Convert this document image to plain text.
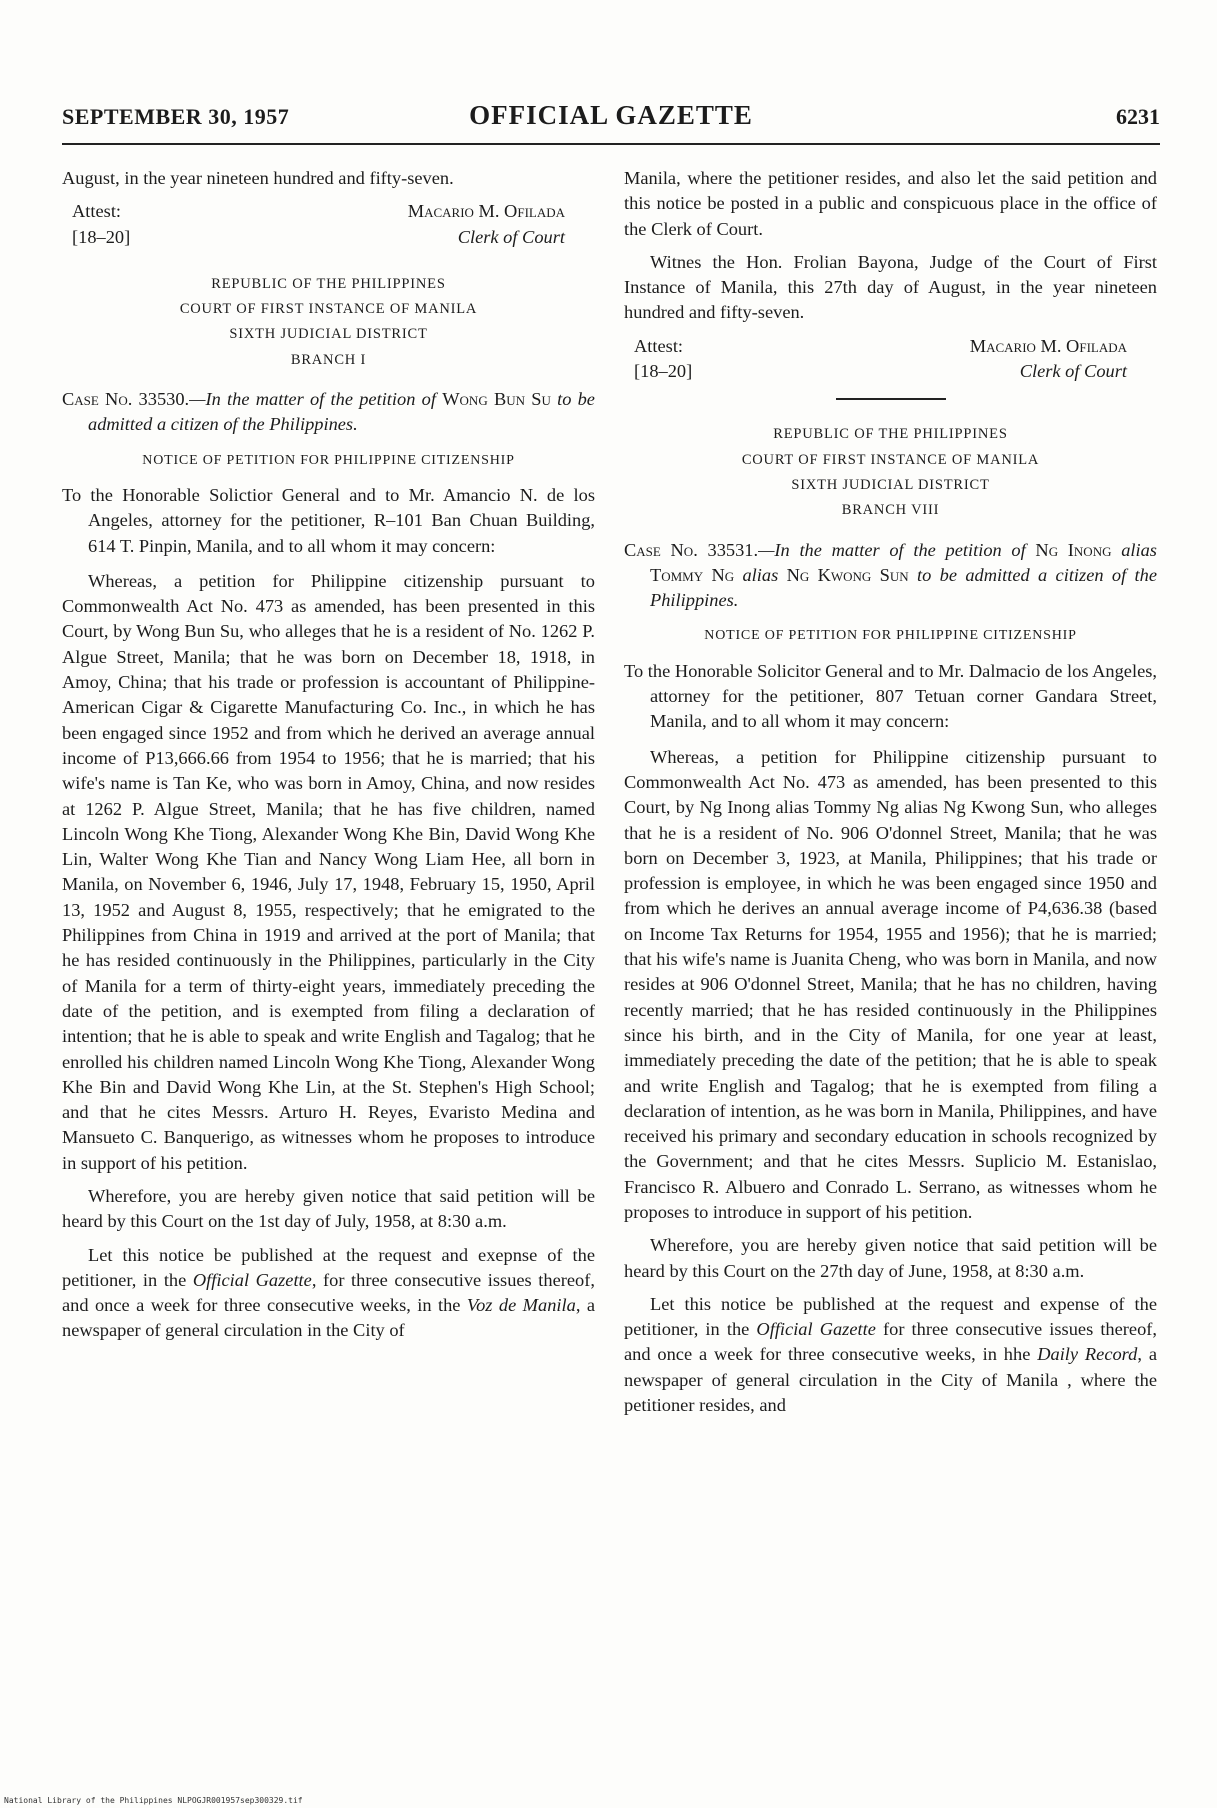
SEPTEMBER 30, 1957	OFFICIAL GAZETTE	6231

August, in the year nineteen hundred and fifty-seven.

Attest:
[18–20]
Macario M. Ofilada
Clerk of Court
REPUBLIC OF THE PHILIPPINES
COURT OF FIRST INSTANCE OF MANILA
SIXTH JUDICIAL DISTRICT
BRANCH I
Case No. 33530.—In the matter of the petition of Wong Bun Su to be admitted a citizen of the Philippines.
NOTICE OF PETITION FOR PHILIPPINE CITIZENSHIP
To the Honorable Solictior General and to Mr. Amancio N. de los Angeles, attorney for the petitioner, R–101 Ban Chuan Building, 614 T. Pinpin, Manila, and to all whom it may concern:

Whereas, a petition for Philippine citizenship pursuant to Commonwealth Act No. 473 as amended, has been presented in this Court, by Wong Bun Su, who alleges that he is a resident of No. 1262 P. Algue Street, Manila; that he was born on December 18, 1918, in Amoy, China; that his trade or profession is accountant of Philippine-American Cigar & Cigarette Manufacturing Co. Inc., in which he has been engaged since 1952 and from which he derived an average annual income of P13,666.66 from 1954 to 1956; that he is married; that his wife's name is Tan Ke, who was born in Amoy, China, and now resides at 1262 P. Algue Street, Manila; that he has five children, named Lincoln Wong Khe Tiong, Alexander Wong Khe Bin, David Wong Khe Lin, Walter Wong Khe Tian and Nancy Wong Liam Hee, all born in Manila, on November 6, 1946, July 17, 1948, February 15, 1950, April 13, 1952 and August 8, 1955, respectively; that he emigrated to the Philippines from China in 1919 and arrived at the port of Manila; that he has resided continuously in the Philippines, particularly in the City of Manila for a term of thirty-eight years, immediately preceding the date of the petition, and is exempted from filing a declaration of intention; that he is able to speak and write English and Tagalog; that he enrolled his children named Lincoln Wong Khe Tiong, Alexander Wong Khe Bin and David Wong Khe Lin, at the St. Stephen's High School; and that he cites Messrs. Arturo H. Reyes, Evaristo Medina and Mansueto C. Banquerigo, as witnesses whom he proposes to introduce in support of his petition.

Wherefore, you are hereby given notice that said petition will be heard by this Court on the 1st day of July, 1958, at 8:30 a.m.

Let this notice be published at the request and exepnse of the petitioner, in the Official Gazette, for three consecutive issues thereof, and once a week for three consecutive weeks, in the Voz de Manila, a newspaper of general circulation in the City of

Manila, where the petitioner resides, and also let the said petition and this notice be posted in a public and conspicuous place in the office of the Clerk of Court.

Witnes the Hon. Frolian Bayona, Judge of the Court of First Instance of Manila, this 27th day of August, in the year nineteen hundred and fifty-seven.

Attest:
[18–20]
Macario M. Ofilada
Clerk of Court
REPUBLIC OF THE PHILIPPINES
COURT OF FIRST INSTANCE OF MANILA
SIXTH JUDICIAL DISTRICT
BRANCH VIII
Case No. 33531.—In the matter of the petition of Ng Inong alias Tommy Ng alias Ng Kwong Sun to be admitted a citizen of the Philippines.
NOTICE OF PETITION FOR PHILIPPINE CITIZENSHIP
To the Honorable Solicitor General and to Mr. Dalmacio de los Angeles, attorney for the petitioner, 807 Tetuan corner Gandara Street, Manila, and to all whom it may concern:

Whereas, a petition for Philippine citizenship pursuant to Commonwealth Act No. 473 as amended, has been presented to this Court, by Ng Inong alias Tommy Ng alias Ng Kwong Sun, who alleges that he is a resident of No. 906 O'donnel Street, Manila; that he was born on December 3, 1923, at Manila, Philippines; that his trade or profession is employee, in which he was been engaged since 1950 and from which he derives an annual average income of P4,636.38 (based on Income Tax Returns for 1954, 1955 and 1956); that he is married; that his wife's name is Juanita Cheng, who was born in Manila, and now resides at 906 O'donnel Street, Manila; that he has no children, having recently married; that he has resided continuously in the Philippines since his birth, and in the City of Manila, for one year at least, immediately preceding the date of the petition; that he is able to speak and write English and Tagalog; that he is exempted from filing a declaration of intention, as he was born in Manila, Philippines, and have received his primary and secondary education in schools recognized by the Government; and that he cites Messrs. Suplicio M. Estanislao, Francisco R. Albuero and Conrado L. Serrano, as witnesses whom he proposes to introduce in support of his petition.

Wherefore, you are hereby given notice that said petition will be heard by this Court on the 27th day of June, 1958, at 8:30 a.m.

Let this notice be published at the request and expense of the petitioner, in the Official Gazette for three consecutive issues thereof, and once a week for three consecutive weeks, in hhe Daily Record, a newspaper of general circulation in the City of Manila , where the petitioner resides, and

National Library of the Philippines NLPOGJR001957sep300329.tif
